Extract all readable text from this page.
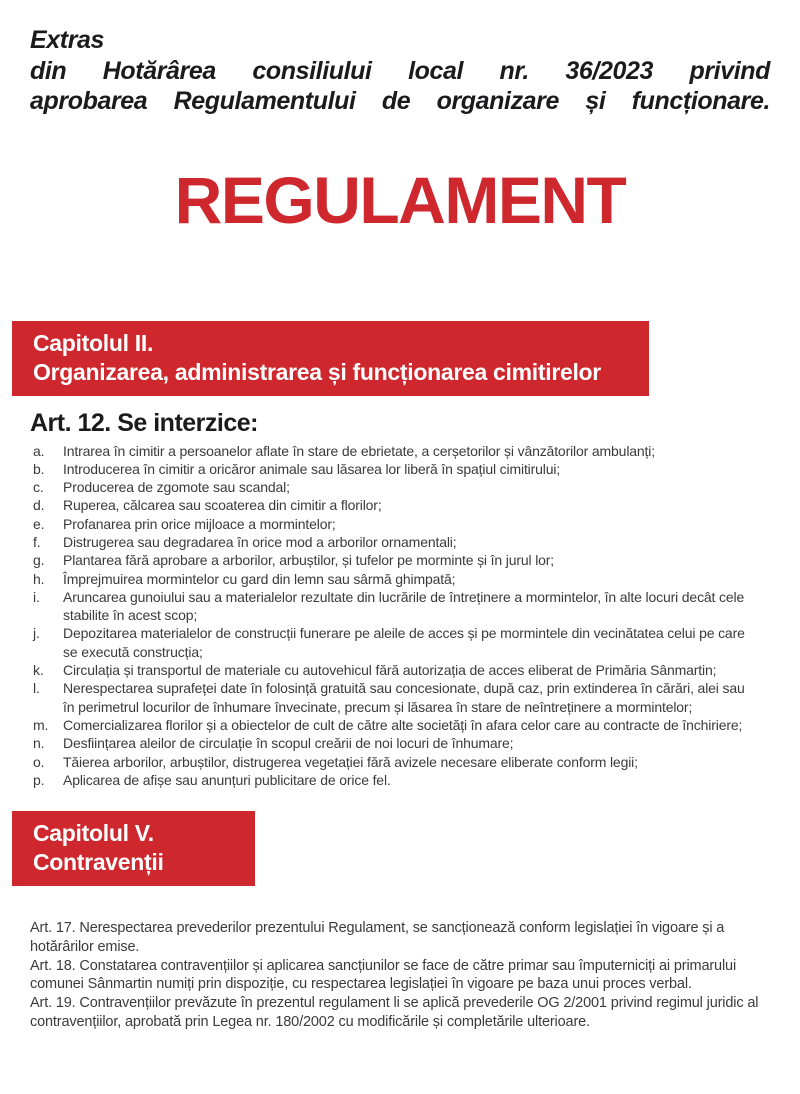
Extras
din Hotărârea consiliului local nr. 36/2023 privind
aprobarea Regulamentului de organizare și funcționare.
REGULAMENT
Capitolul II.
Organizarea, administrarea și funcționarea cimitirelor
Art. 12. Se interzice:
a.	Intrarea în cimitir a persoanelor aflate în stare de ebrietate, a cerșetorilor și vânzătorilor ambulanți;
b.	Introducerea în cimitir a oricăror animale sau lăsarea lor liberă în spațiul cimitirului;
c.	Producerea de zgomote sau scandal;
d.	Ruperea, călcarea sau scoaterea din cimitir a florilor;
e.	Profanarea prin orice mijloace a mormintelor;
f.	Distrugerea sau degradarea în orice mod a arborilor ornamentali;
g.	Plantarea fără aprobare a arborilor, arbuștilor, și tufelor pe morminte și în jurul lor;
h.	Împrejmuirea mormintelor cu gard din lemn sau sârmă ghimpată;
i.	Aruncarea gunoiului sau a materialelor rezultate din lucrările de întreținere a mormintelor, în alte locuri decât cele stabilite în acest scop;
j.	Depozitarea materialelor de construcții funerare pe aleile de acces și pe mormintele din vecinătatea celui pe care se execută construcția;
k.	Circulația și transportul de materiale cu autovehicul fără autorizația de acces eliberat de Primăria Sânmartin;
l.	Nerespectarea suprafeței date în folosință gratuită sau concesionate, după caz, prin extinderea în cărări, alei sau în perimetrul locurilor de înhumare învecinate, precum și lăsarea în stare de neîntreținere a mormintelor;
m.	Comercializarea florilor și a obiectelor de cult de către alte societăți în afara celor care au contracte de închiriere;
n.	Desființarea aleilor de circulație în scopul creării de noi locuri de înhumare;
o.	Tăierea arborilor, arbuștilor, distrugerea vegetației fără avizele necesare eliberate conform legii;
p.	Aplicarea de afișe sau anunțuri publicitare de orice fel.
Capitolul V.
Contravenții
Art. 17. Nerespectarea prevederilor prezentului Regulament, se sancționează conform legislației în vigoare și a hotărârilor emise.
Art. 18. Constatarea contravențiilor și aplicarea sancțiunilor se face de către primar sau împuterniciți ai primarului comunei Sânmartin numiți prin dispoziție, cu respectarea legislației în vigoare pe baza unui proces verbal.
Art. 19. Contravențiilor prevăzute în prezentul regulament li se aplică prevederile OG 2/2001 privind regimul juridic al contravențiilor, aprobată prin Legea nr. 180/2002 cu modificările și completările ulterioare.
